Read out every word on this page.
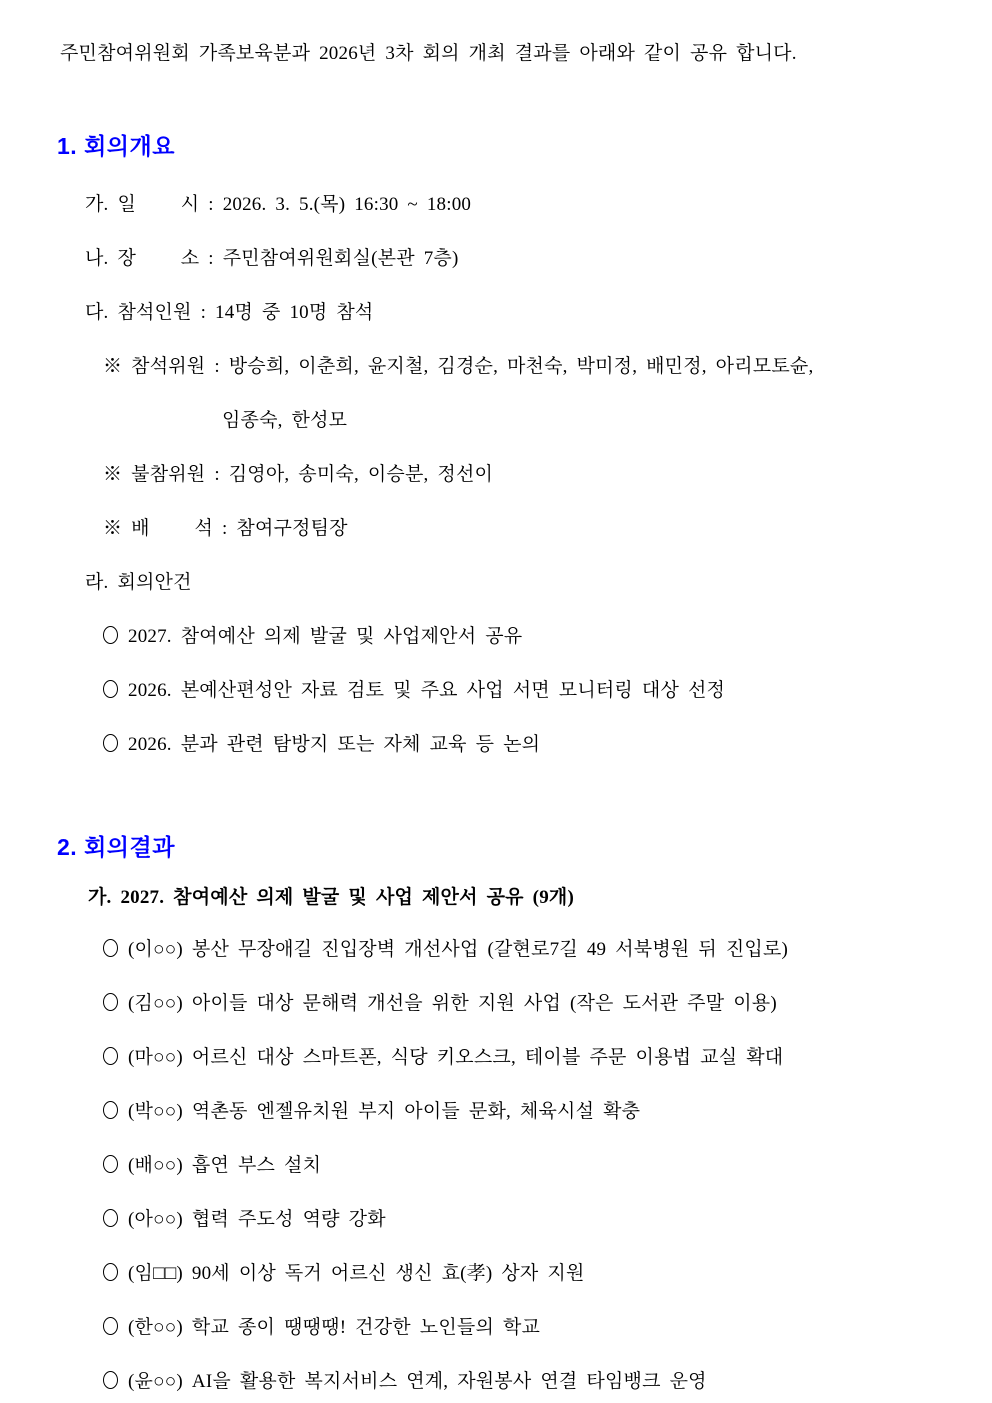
주민참여위원회 가족보육분과 2026년 3차 회의 개최 결과를 아래와 같이 공유 합니다.

1. 회의개요
가. 일     시 : 2026. 3. 5.(목) 16:30 ~ 18:00
나. 장     소 : 주민참여위원회실(본관 7층)
다. 참석인원 : 14명 중 10명 참석
※ 참석위원 : 방승희, 이춘희, 윤지철, 김경순, 마천숙, 박미정, 배민정, 아리모토슌,
임종숙, 한성모
※ 불참위원 : 김영아, 송미숙, 이승분, 정선이
※ 배     석 : 참여구정팀장
라. 회의안건
2027. 참여예산 의제 발굴 및 사업제안서 공유
2026. 본예산편성안 자료 검토 및 주요 사업 서면 모니터링 대상 선정
2026. 분과 관련 탐방지 또는 자체 교육 등 논의
2. 회의결과
가. 2027. 참여예산 의제 발굴 및 사업 제안서 공유 (9개)
(이○○) 봉산 무장애길 진입장벽 개선사업 (갈현로7길 49 서북병원 뒤 진입로)
(김○○) 아이들 대상 문해력 개선을 위한 지원 사업 (작은 도서관 주말 이용)
(마○○) 어르신 대상 스마트폰, 식당 키오스크, 테이블 주문 이용법 교실 확대
(박○○) 역촌동 엔젤유치원 부지 아이들 문화, 체육시설 확충
(배○○) 흡연 부스 설치
(아○○) 협력 주도성 역량 강화
(임□□) 90세 이상 독거 어르신 생신 효(孝) 상자 지원
(한○○) 학교 종이 땡땡땡! 건강한 노인들의 학교
(윤○○) AI을 활용한 복지서비스 연계, 자원봉사 연결 타임뱅크 운영
